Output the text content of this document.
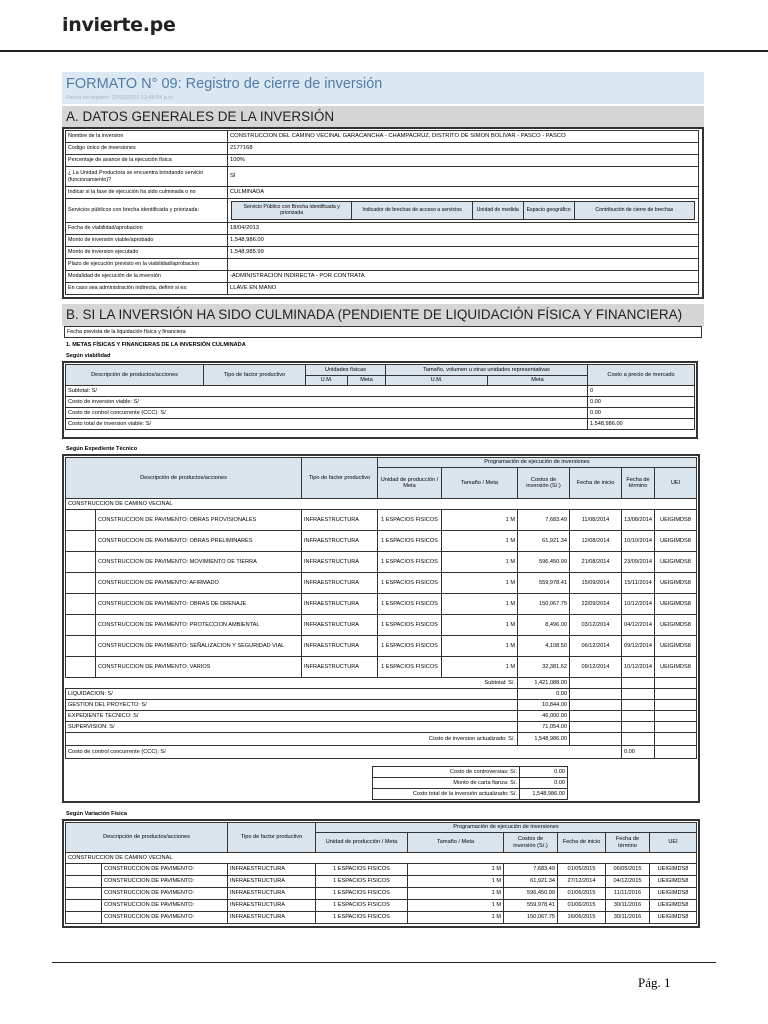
invierte.pe
FORMATO N° 09: Registro de cierre de inversión
Fecha de registro: 20/01/2020 12:48:04 p.m.
A. DATOS GENERALES DE LA INVERSIÓN
Nombre de la inversion	CONSTRUCCION DEL CAMINO VECINAL GARACANCHA - CHAMPACRUZ, DISTRITO DE SIMON BOLIVAR - PASCO - PASCO
Codigo único de inversiones	2177168
Percentaje de avance de la ejecución física	100%
¿ La Unidad Productora se encuentra brindando servicio (funcionamiento)?	SÍ
Indicar si la fase de ejecución ha sido culminada o no	CULMINADA
Servicios públicos con brecha identificada y priorizada:	
Servicio Público con Brecha identificada y priorizada	Indicador de brechas de acceso a servicios	Unidad de medida	Espacio geográfico	Contribución de cierre de brechas

Fecha de viabilidad/aprobacion	18/04/2013
Monto de inversión viable/aprobado	1,548,986.00
Monto de inversion ejecutado	1,548,985.99
Plazo de ejecución previsto en la viabilidad/aprobacion	
Modalidad de ejecución de la inversión	-ADMINISTRACION INDIRECTA - POR CONTRATA
En caso sea administración indirecta, definir si es:	LLAVE EN MANO
B. SI LA INVERSIÓN HA SIDO CULMINADA (PENDIENTE DE LIQUIDACIÓN FÍSICA Y FINANCIERA)
Fecha prevista de la liquidación física y financiera
1. METAS FÍSICAS Y FINANCIERAS DE LA INVERSIÓN CULMINADA
Según viabilidad
Descripción de productos/acciones	Tipo de factor productivo	Unidades físicas		Tamaño, volumen u otras unidades representativas		Costo a precio de mercado
		U.M.	Meta	U.M.	Meta	
Subtotal: S/						0
Costo de inversion viable: S/						0.00
Costo de control concurrente (CCC): S/						0.00
Costo total de inversion viable: S/						1,548,986.00
Según Expediente Técnico
Descripción de productos/acciones		Tipo de factor productivo	Programación de ejecución de inversiones					
			Unidad de producción / Meta	Tamaño / Meta	Costos de inversión (S/.)	Fecha de inicio	Fecha de término	UEI
CONSTRUCCION DE CAMINO VECINAL								
	CONSTRUCCION DE PAVIMENTO: OBRAS PROVISIONALES	INFRAESTRUCTURA	1 ESPACIOS FISICOS	1 M	7,683.49	11/08/2014	13/08/2014	UEIGIMDS8
	CONSTRUCCION DE PAVIMENTO: OBRAS PRELIMINARES	INFRAESTRUCTURA	1 ESPACIOS FISICOS	1 M	61,921.34	12/08/2014	10/10/2014	UEIGIMDS8
	CONSTRUCCION DE PAVIMENTO: MOVIMIENTO DE TIERRA	INFRAESTRUCTURA	1 ESPACIOS FISICOS	1 M	596,450.99	21/08/2014	23/09/2014	UEIGIMDS8
	CONSTRUCCION DE PAVIMENTO: AFIRMADO	INFRAESTRUCTURA	1 ESPACIOS FISICOS	1 M	559,978.41	15/09/2014	15/11/2014	UEIGIMDS8
	CONSTRUCCION DE PAVIMENTO: OBRAS DE DRENAJE	INFRAESTRUCTURA	1 ESPACIOS FISICOS	1 M	150,067.75	22/09/2014	10/12/2014	UEIGIMDS8
	CONSTRUCCION DE PAVIMENTO: PROTECCION AMBIENTAL	INFRAESTRUCTURA	1 ESPACIOS FISICOS	1 M	8,496.00	03/12/2014	04/12/2014	UEIGIMDS8
	CONSTRUCCION DE PAVIMENTO: SEÑALIZACION Y SEGURIDAD VIAL	INFRAESTRUCTURA	1 ESPACIOS FISICOS	1 M	4,108.50	06/12/2014	09/12/2014	UEIGIMDS8
	CONSTRUCCION DE PAVIMENTO: VARIOS	INFRAESTRUCTURA	1 ESPACIOS FISICOS	1 M	32,381.52	09/12/2014	10/12/2014	UEIGIMDS8
Subtotal: S/.					1,421,088.00			
LIQUIDACION: S/					0.00			
GESTION DEL PROYECTO: S/					10,844.00			
EXPEDIENTE TECNICO: S/					46,000.00			
SUPERVISION: S/					71,054.00			
Costo de inversion actualizado: S/.					1,548,986.00			
Costo de control concurrente (CCC): S/							0.00	
Costo de controversias: S/.	0.00
Monto de carta fianza: S/.	0.00
Costo total de la inversión actualizado: S/.	1,548,986.00
Según Variación Física
Descripción de productos/acciones		Tipo de factor productivo	Programación de ejecución de inversiones					
			Unidad de producción / Meta	Tamaño / Meta	Costos de inversión (S/.)	Fecha de inicio	Fecha de término	UEI
CONSTRUCCION DE CAMINO VECINAL								
	CONSTRUCCION DE PAVIMENTO:	INFRAESTRUCTURA	1 ESPACIOS FISICOS	1 M	7,683.49	01/05/2015	06/05/2015	UEIGIMDS8
	CONSTRUCCION DE PAVIMENTO:	INFRAESTRUCTURA	1 ESPACIOS FISICOS	1 M	61,921.34	27/12/2014	04/12/2015	UEIGIMDS8
	CONSTRUCCION DE PAVIMENTO:	INFRAESTRUCTURA	1 ESPACIOS FISICOS	1 M	596,450.99	01/06/2015	11/11/2016	UEIGIMDS8
	CONSTRUCCION DE PAVIMENTO:	INFRAESTRUCTURA	1 ESPACIOS FISICOS	1 M	559,978.41	01/06/2015	30/11/2016	UEIGIMDS8
	CONSTRUCCION DE PAVIMENTO:	INFRAESTRUCTURA	1 ESPACIOS FISICOS	1 M	150,067.75	16/06/2015	30/11/2016	UEIGIMDS8
Pág. 1
